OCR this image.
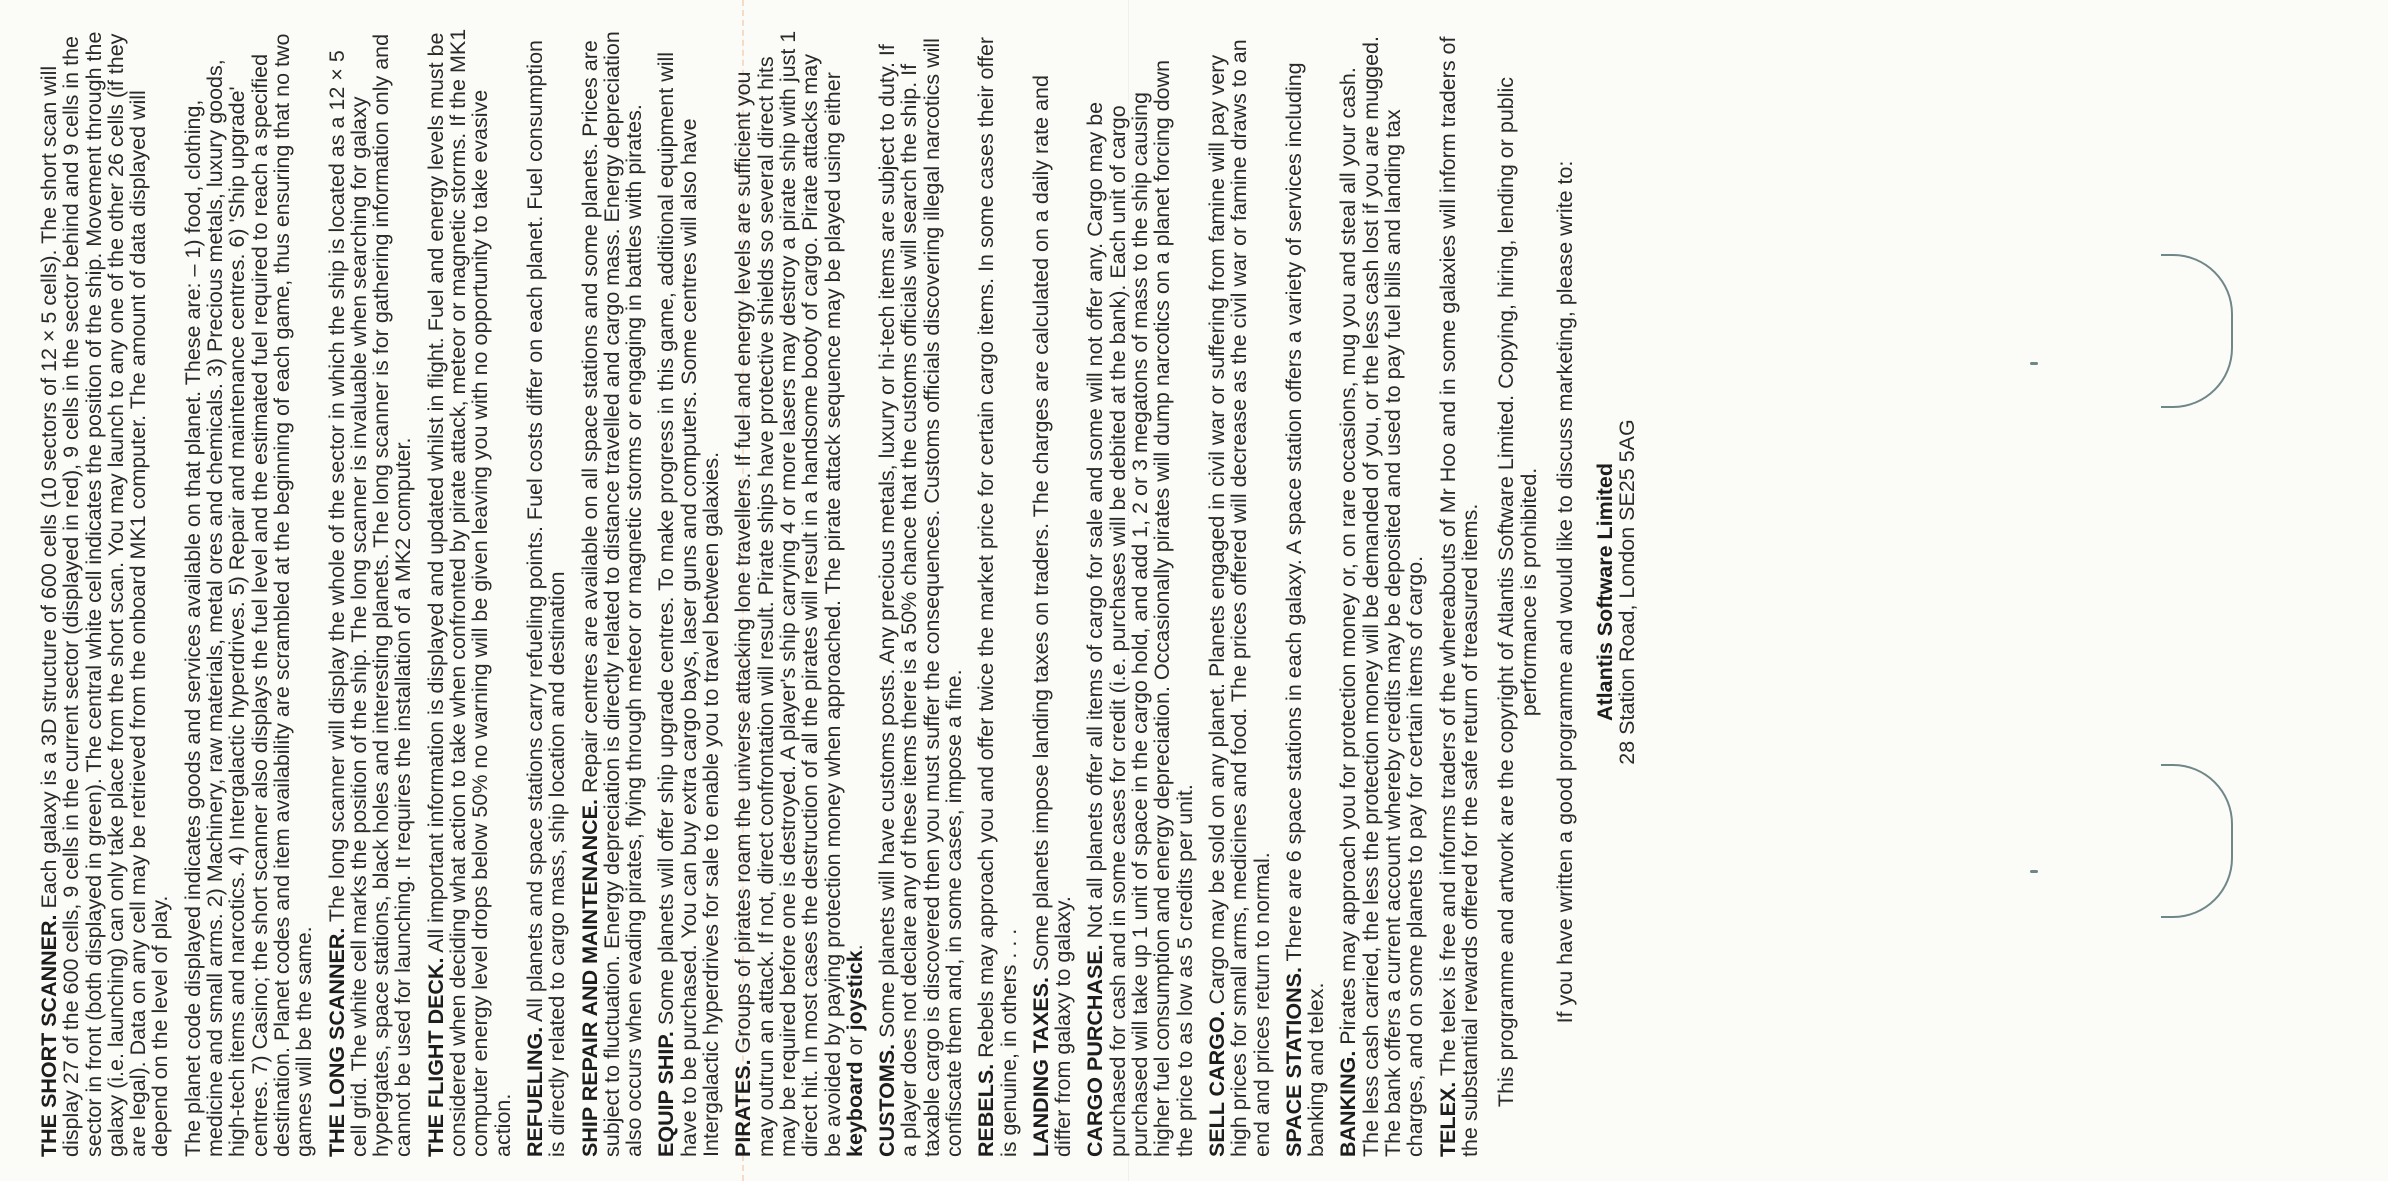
THE SHORT SCANNER. Each galaxy is a 3D structure of 600 cells (10 sectors of 12 × 5 cells). The short scan will display 27 of the 600 cells, 9 cells in the current sector (displayed in red), 9 cells in the sector behind and 9 cells in the sector in front (both displayed in green). The central white cell indicates the position of the ship. Movement through the galaxy (i.e. launching) can only take place from the short scan. You may launch to any one of the other 26 cells (if they are legal). Data on any cell may be retrieved from the onboard MK1 computer. The amount of data displayed will depend on the level of play. The planet code displayed indicates goods and services available on that planet. These are: – 1) food, clothing, medicine and small arms. 2) Machinery, raw materials, metal ores and chemicals. 3) Precious metals, luxury goods, high-tech items and narcotics. 4) Intergalactic hyperdrives. 5) Repair and maintenance centres. 6) 'Ship upgrade' centres. 7) Casino; the short scanner also displays the fuel level and the estimated fuel required to reach a specified destination. Planet codes and item availability are scrambled at the beginning of each game, thus ensuring that no two games will be the same. THE LONG SCANNER. The long scanner will display the whole of the sector in which the ship is located as a 12 × 5 cell grid. The white cell marks the position of the ship. The long scanner is invaluable when searching for galaxy hypergates, space stations, black holes and interesting planets. The long scanner is for gathering information only and cannot be used for launching. It requires the installation of a MK2 computer. THE FLIGHT DECK. All important information is displayed and updated whilst in flight. Fuel and energy levels must be considered when deciding what action to take when confronted by pirate attack, meteor or magnetic storms. If the MK1 computer energy level drops below 50% no warning will be given leaving you with no opportunity to take evasive action. REFUELING. All planets and space stations carry refueling points. Fuel costs differ on each planet. Fuel consumption is directly related to cargo mass, ship location and destination SHIP REPAIR AND MAINTENANCE. Repair centres are available on all space stations and some planets. Prices are subject to fluctuation. Energy depreciation is directly related to distance travelled and cargo mass. Energy depreciation also occurs when evading pirates, flying through meteor or magnetic storms or engaging in battles with pirates. EQUIP SHIP. Some planets will offer ship upgrade centres. To make progress in this game, additional equipment will have to be purchased. You can buy extra cargo bays, laser guns and computers. Some centres will also have Intergalactic hyperdrives for sale to enable you to travel between galaxies. PIRATES. Groups of pirates roam the universe attacking lone travellers. If fuel and energy levels are sufficient you may outrun an attack. If not, direct confrontation will result. Pirate ships have protective shields so several direct hits may be required before one is destroyed. A player's ship carrying 4 or more lasers may destroy a pirate ship with just 1 direct hit. In most cases the destruction of all the pirates will result in a handsome booty of cargo. Pirate attacks may be avoided by paying protection money when approached. The pirate attack sequence may be played using either keyboard or joystick.

CUSTOMS. Some planets will have customs posts. Any precious metals, luxury or hi-tech items are subject to duty. If a player does not declare any of these items there is a 50% chance that the customs officials will search the ship. If taxable cargo is discovered then you must suffer the consequences. Customs officials discovering illegal narcotics will confiscate them and, in some cases, impose a fine. REBELS. Rebels may approach you and offer twice the market price for certain cargo items. In some cases their offer is genuine, in others . . . LANDING TAXES. Some planets impose landing taxes on traders. The charges are calculated on a daily rate and differ from galaxy to galaxy. CARGO PURCHASE. Not all planets offer all items of cargo for sale and some will not offer any. Cargo may be purchased for cash and in some cases for credit (i.e. purchases will be debited at the bank). Each unit of cargo purchased will take up 1 unit of space in the cargo hold, and add 1, 2 or 3 megatons of mass to the ship causing higher fuel consumption and energy depreciation. Occasionally pirates will dump narcotics on a planet forcing down the price to as low as 5 credits per unit. SELL CARGO. Cargo may be sold on any planet. Planets engaged in civil war or suffering from famine will pay very high prices for small arms, medicines and food. The prices offered will decrease as the civil war or famine draws to an end and prices return to normal. SPACE STATIONS. There are 6 space stations in each galaxy. A space station offers a variety of services including banking and telex. BANKING. Pirates may approach you for protection money or, on rare occasions, mug you and steal all your cash. The less cash carried, the less the protection money will be demanded of you, or the less cash lost if you are mugged. The bank offers a current account whereby credits may be deposited and used to pay fuel bills and landing tax charges, and on some planets to pay for certain items of cargo. TELEX. The telex is free and informs traders of the whereabouts of Mr Hoo and in some galaxies will inform traders of the substantial rewards offered for the safe return of treasured items. This programme and artwork are the copyright of Atlantis Software Limited. Copying, hiring, lending or public performance is prohibited. If you have written a good programme and would like to discuss marketing, please write to: Atlantis Software Limited
28 Station Road, London SE25 5AG
